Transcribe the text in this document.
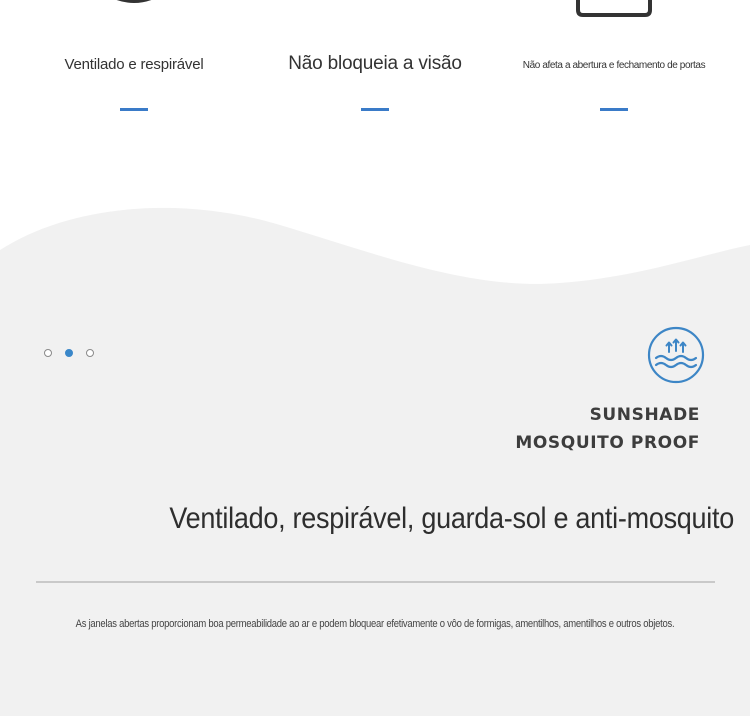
Ventilado e respirável	Não bloqueia a visão	Não afeta a abertura e fechamento de portas
SUNSHADE
MOSQUITO PROOF
Ventilado, respirável, guarda-sol e anti-mosquito
As janelas abertas proporcionam boa permeabilidade ao ar e podem bloquear efetivamente o vôo de formigas, amentilhos, amentilhos e outros objetos.
